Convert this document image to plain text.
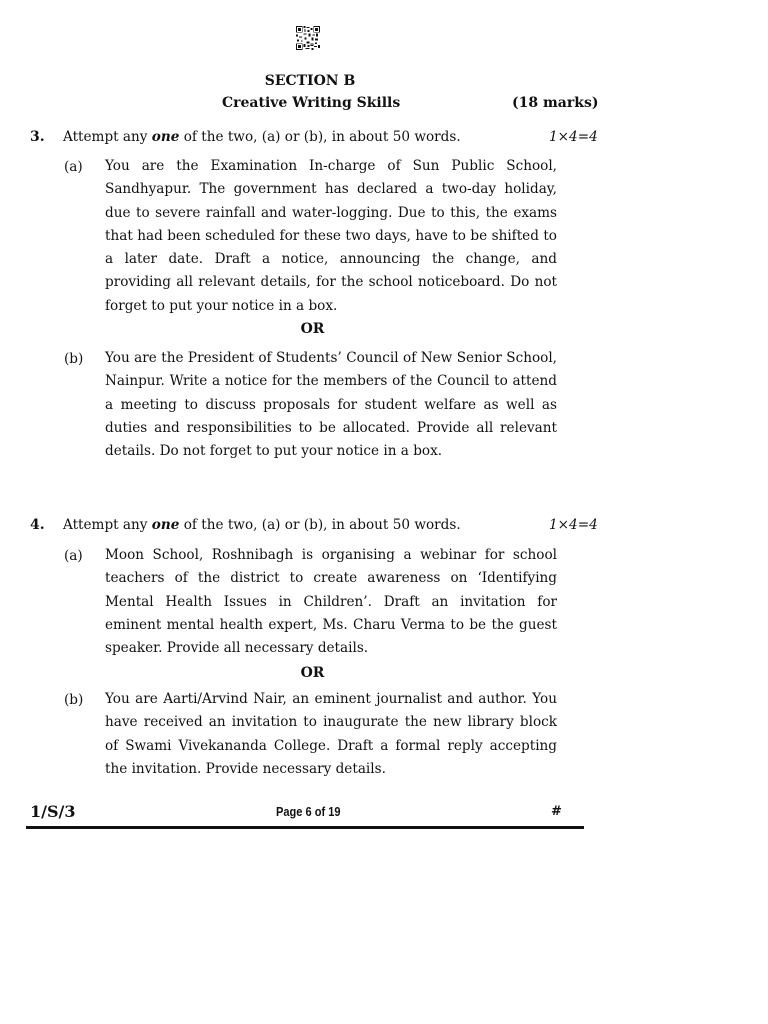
SECTION B
Creative Writing Skills	(18 marks)
3. Attempt any one of the two, (a) or (b), in about 50 words.	1×4=4
(a) You are the Examination In-charge of Sun Public School, Sandhyapur. The government has declared a two-day holiday, due to severe rainfall and water-logging. Due to this, the exams that had been scheduled for these two days, have to be shifted to a later date. Draft a notice, announcing the change, and providing all relevant details, for the school noticeboard. Do not forget to put your notice in a box.

OR
(b) You are the President of Students’ Council of New Senior School, Nainpur. Write a notice for the members of the Council to attend a meeting to discuss proposals for student welfare as well as duties and responsibilities to be allocated. Provide all relevant details. Do not forget to put your notice in a box.

4. Attempt any one of the two, (a) or (b), in about 50 words.	1×4=4
(a) Moon School, Roshnibagh is organising a webinar for school teachers of the district to create awareness on ‘Identifying Mental Health Issues in Children’. Draft an invitation for eminent mental health expert, Ms. Charu Verma to be the guest speaker. Provide all necessary details.

OR
(b) You are Aarti/Arvind Nair, an eminent journalist and author. You have received an invitation to inaugurate the new library block of Swami Vivekananda College. Draft a formal reply accepting the invitation. Provide necessary details.

1/S/3	Page 6 of 19	#
